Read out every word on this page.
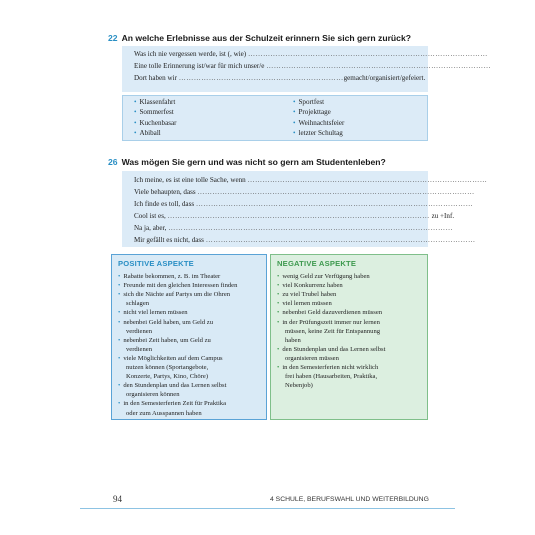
22 An welche Erlebnisse aus der Schulzeit erinnern Sie sich gern zurück?
Was ich nie vergessen werde, ist (, wie) ……………………………………………………………………………………
Eine tolle Erinnerung ist/war für mich unser/e ………………………………………………………………………………
Dort haben wir …………………………………………………………gemacht/organisiert/gefeiert.
• Klassenfahrt
• Sommerfest
• Kuchenbasar
• Abiball
• Sportfest
• Projekttage
• Weihnachtsfeier
• letzter Schultag
26 Was mögen Sie gern und was nicht so gern am Studentenleben?
Ich meine, es ist eine tolle Sache, wenn ……………………………………………………………………………………
Viele behaupten, dass …………………………………………………………………………………………………
Ich finde es toll, dass …………………………………………………………………………………………………
Cool ist es, …………………………………………………………………………………………… zu +Inf.
Na ja, aber, ……………………………………………………………………………………………………
Mir gefällt es nicht, dass ………………………………………………………………………………………………
POSITIVE ASPEKTE
• Rabatte bekommen, z. B. im Theater
• Freunde mit den gleichen Interessen finden
• sich die Nächte auf Partys um die Ohren
schlagen
• nicht viel lernen müssen
• nebenbei Geld haben, um Geld zu
verdienen
• nebenbei Zeit haben, um Geld zu
verdienen
• viele Möglichkeiten auf dem Campus
nutzen können (Sportangebote,
Konzerte, Partys, Kino, Chöre)
• den Stundenplan und das Lernen selbst
organisieren können
• in den Semesterferien Zeit für Praktika
oder zum Ausspannen haben
NEGATIVE ASPEKTE
• wenig Geld zur Verfügung haben
• viel Konkurrenz haben
• zu viel Trubel haben
• viel lernen müssen
• nebenbei Geld dazuverdienen müssen
• in der Prüfungszeit immer nur lernen
müssen, keine Zeit für Entspannung
haben
• den Stundenplan und das Lernen selbst
organisieren müssen
• in den Semesterferien nicht wirklich
frei haben (Hausarbeiten, Praktika,
Nebenjob)
94	4 SCHULE, BERUFSWAHL UND WEITERBILDUNG
